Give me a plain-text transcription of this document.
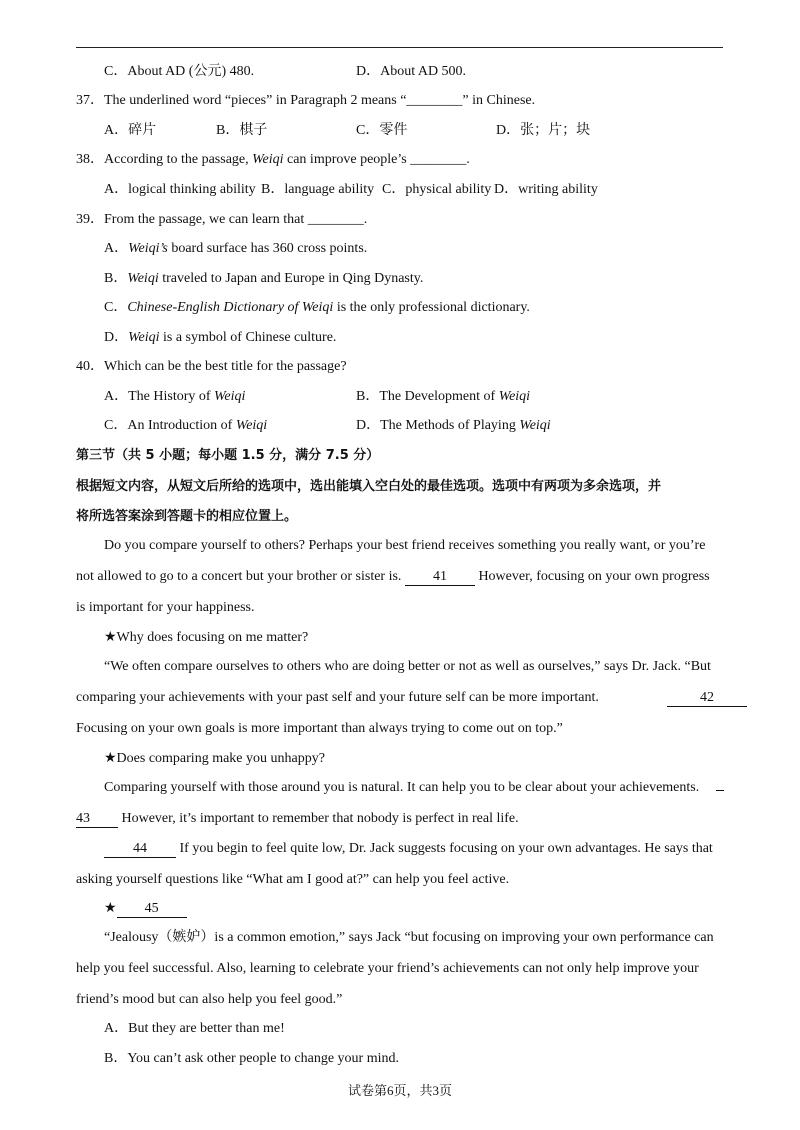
C．About AD (公元) 480.	D．About AD 500.
37．The underlined word “pieces” in Paragraph 2 means “________” in Chinese.
A．碎片	B．棋子	C．零件	D．张；片；块
38．According to the passage, Weiqi can improve people’s ________.
A．logical thinking ability B．language ability C．physical ability D．writing ability
39．From the passage, we can learn that ________.
A．Weiqi’s board surface has 360 cross points.
B．Weiqi traveled to Japan and Europe in Qing Dynasty.
C．Chinese-English Dictionary of Weiqi is the only professional dictionary.
D．Weiqi is a symbol of Chinese culture.
40．Which can be the best title for the passage?
A．The History of Weiqi	B．The Development of Weiqi
C．An Introduction of Weiqi	D．The Methods of Playing Weiqi
第三节（共 5 小题；每小题 1.5 分，满分 7.5 分）
根据短文内容，从短文后所给的选项中，选出能填入空白处的最佳选项。选项中有两项为多余选项，并
将所选答案涂到答题卡的相应位置上。
Do you compare yourself to others? Perhaps your best friend receives something you really want, or you’re
not allowed to go to a concert but your brother or sister is. 41 However, focusing on your own progress
is important for your happiness.
★Why does focusing on me matter?
“We often compare ourselves to others who are doing better or not as well as ourselves,” says Dr. Jack. “But
comparing your achievements with your past self and your future self can be more important.	42
Focusing on your own goals is more important than always trying to come out on top.”
★Does comparing make you unhappy?
Comparing yourself with those around you is natural. It can help you to be clear about your achievements.
43 However, it’s important to remember that nobody is perfect in real life.
44 If you begin to feel quite low, Dr. Jack suggests focusing on your own advantages. He says that
asking yourself questions like “What am I good at?” can help you feel active.
★ 45
“Jealousy（嫉妒）is a common emotion,” says Jack “but focusing on improving your own performance can
help you feel successful. Also, learning to celebrate your friend’s achievements can not only help improve your
friend’s mood but can also help you feel good.”
A．But they are better than me!
B．You can’t ask other people to change your mind.
试卷第6页，共3页
